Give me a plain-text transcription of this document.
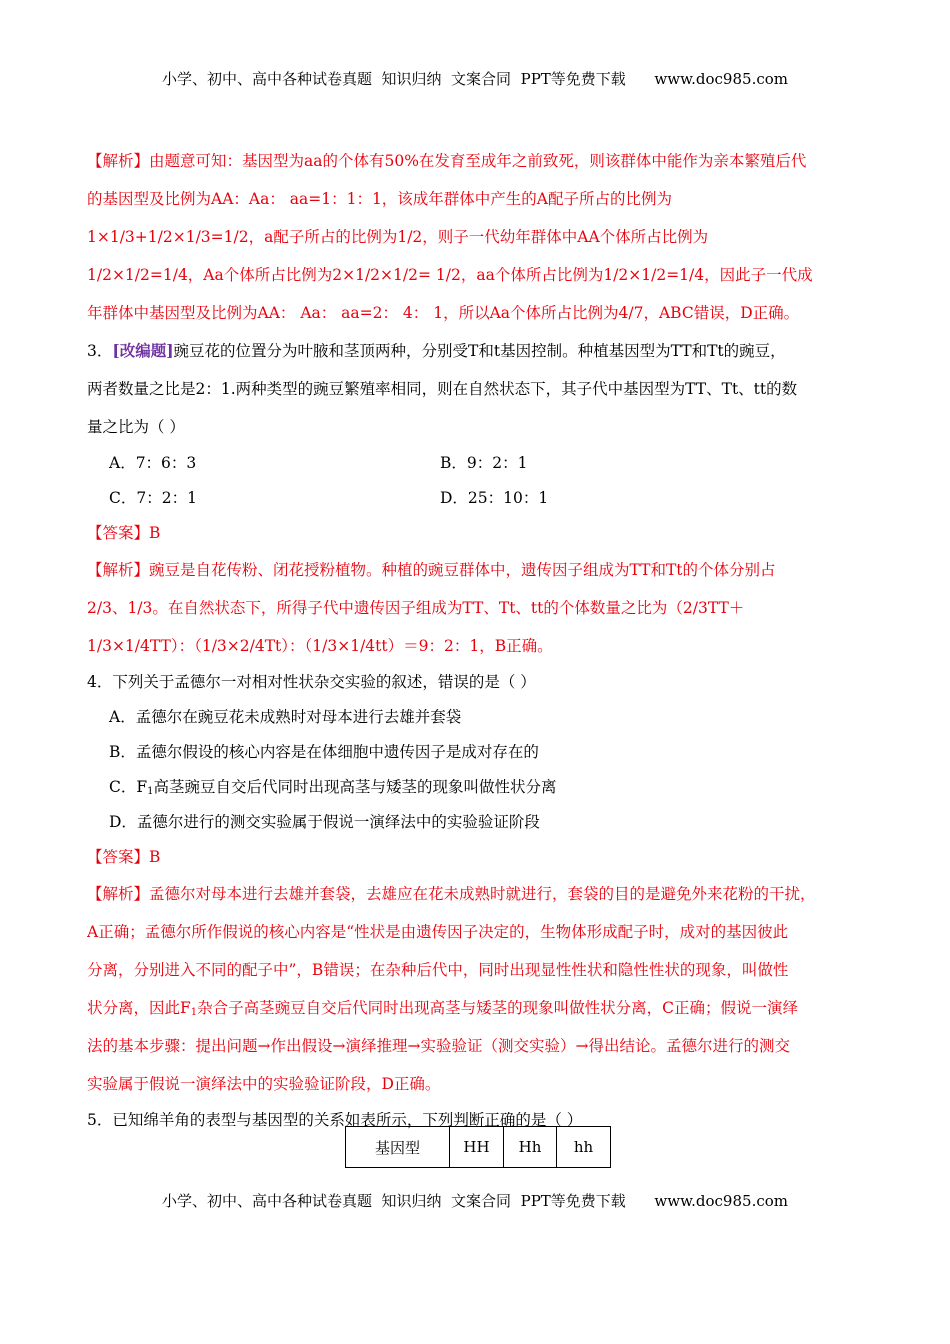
小学、初中、高中各种试卷真题  知识归纳  文案合同  PPT等免费下载      www.doc985.com
【解析】由题意可知：基因型为aa的个体有50%在发育至成年之前致死，则该群体中能作为亲本繁殖后代
的基因型及比例为AA：Aa： aa=1：1：1，该成年群体中产生的A配子所占的比例为
1×1/3+1/2×1/3=1/2，a配子所占的比例为1/2，则子一代幼年群体中AA个体所占比例为
1/2×1/2=1/4，Aa个体所占比例为2×1/2×1/2= 1/2，aa个体所占比例为1/2×1/2=1/4，因此子一代成
年群体中基因型及比例为AA： Aa： aa=2： 4： 1，所以Aa个体所占比例为4/7，ABC错误，D正确。
3．[改编题]豌豆花的位置分为叶腋和茎顶两种，分别受T和t基因控制。种植基因型为TT和Tt的豌豆，
两者数量之比是2：1.两种类型的豌豆繁殖率相同，则在自然状态下，其子代中基因型为TT、Tt、tt的数
量之比为（ ）
A．7：6：3	B．9：2：1
C．7：2：1	D．25：10：1
【答案】B
【解析】豌豆是自花传粉、闭花授粉植物。种植的豌豆群体中，遗传因子组成为TT和Tt的个体分别占
2/3、1/3。在自然状态下，所得子代中遗传因子组成为TT、Tt、tt的个体数量之比为（2/3TT＋
1/3×1/4TT）：（1/3×2/4Tt）：（1/3×1/4tt）＝9：2：1，B正确。
4．下列关于孟德尔一对相对性状杂交实验的叙述，错误的是（ ）
A．孟德尔在豌豆花未成熟时对母本进行去雄并套袋
B．孟德尔假设的核心内容是在体细胞中遗传因子是成对存在的
C．$F_1$高茎豌豆自交后代同时出现高茎与矮茎的现象叫做性状分离
D．孟德尔进行的测交实验属于假说一演绎法中的实验验证阶段
【答案】B
【解析】孟德尔对母本进行去雄并套袋，去雄应在花未成熟时就进行，套袋的目的是避免外来花粉的干扰，
A正确；孟德尔所作假说的核心内容是“性状是由遗传因子决定的，生物体形成配子时，成对的基因彼此
分离，分别进入不同的配子中”，B错误；在杂种后代中，同时出现显性性状和隐性性状的现象，叫做性
状分离，因此$F_1$杂合子高茎豌豆自交后代同时出现高茎与矮茎的现象叫做性状分离，C正确；假说一演绎
法的基本步骤：提出问题→作出假设→演绎推理→实验验证（测交实验）→得出结论。孟德尔进行的测交
实验属于假说一演绎法中的实验验证阶段，D正确。
5．已知绵羊角的表型与基因型的关系如表所示，下列判断正确的是（ ）
基因型	HH	Hh	hh
小学、初中、高中各种试卷真题  知识归纳  文案合同  PPT等免费下载      www.doc985.com
